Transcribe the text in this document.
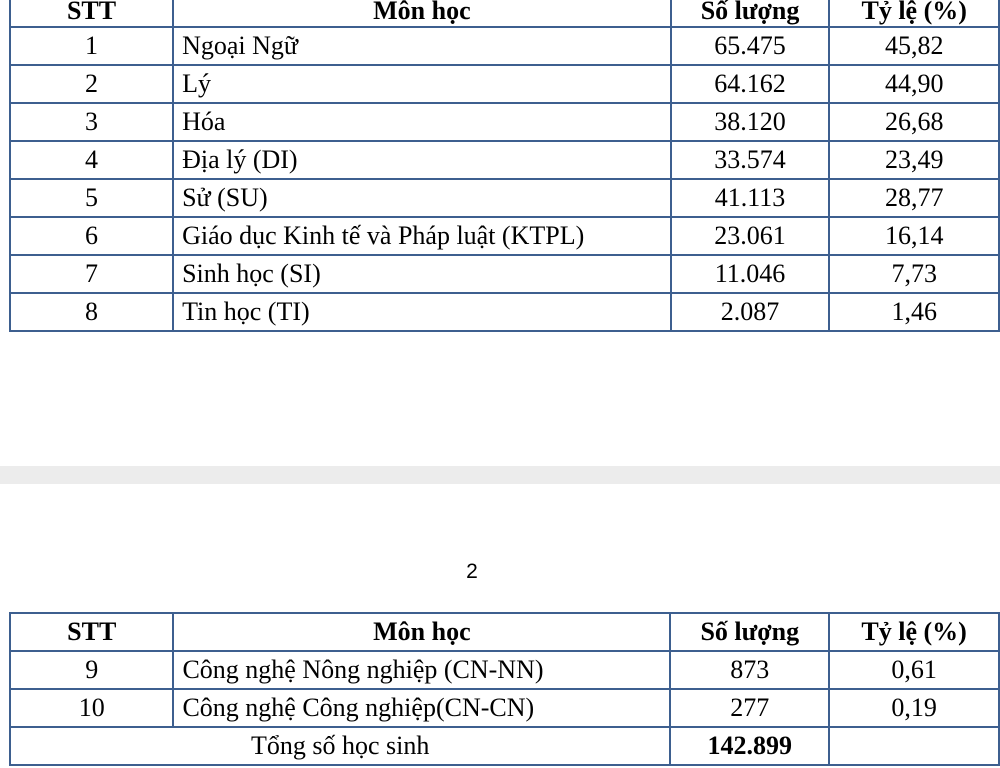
STT	Môn học	Số lượng	Tỷ lệ (%)
1	Ngoại Ngữ	65.475	45,82
2	Lý	64.162	44,90
3	Hóa	38.120	26,68
4	Địa lý (DI)	33.574	23,49
5	Sử (SU)	41.113	28,77
6	Giáo dục Kinh tế và Pháp luật (KTPL)	23.061	16,14
7	Sinh học (SI)	11.046	7,73
8	Tin học (TI)	2.087	1,46
2
STT	Môn học	Số lượng	Tỷ lệ (%)
9	Công nghệ Nông nghiệp (CN-NN)	873	0,61
10	Công nghệ Công nghiệp(CN-CN)	277	0,19
Tổng số học sinh		142.899	
